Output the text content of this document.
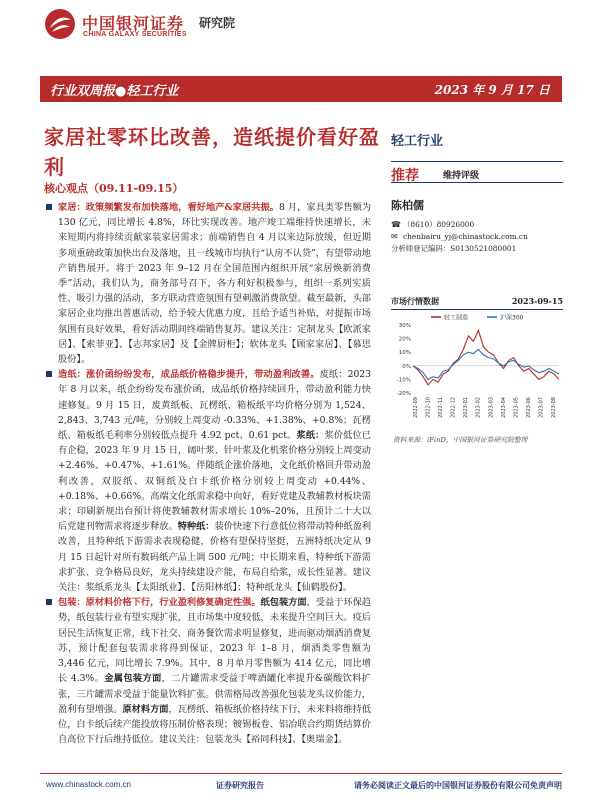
中国银河证券
CHINA GALAXY SECURITIES
研究院
行业双周报●轻工行业	2023 年 9 月 17 日
家居社零环比改善，造纸提价看好盈利
核心观点（09.11-09.15）

家居：政策频繁发布加快落地，看好地产&家居共振。8 月，家具类零售额为 130 亿元，同比增长 4.8%，环比实现改善。地产竣工端维持快速增长，未来短期内将持续贡献家装家居需求；前端销售自 4 月以来边际放缓，但近期多项重磅政策加快出台及落地，且一线城市均执行“认房不认贷”，有望带动地产销售展开。将于 2023 年 9–12 月在全国范围内组织开展“家居焕新消费季”活动，我们认为，商务部号召下，各方利好积极参与，组织一系列实质性、吸引力强的活动，多方联动营造氛围有望刺激消费欲望。截至最新，头部家居企业均推出普惠活动，给予较大优惠力度，且给予适当补贴，对提振市场氛围有良好效果，看好活动期间终端销售复苏。建议关注：定制龙头【欧派家居】、【索菲亚】、【志邦家居】及【金牌厨柜】；软体龙头【顾家家居】、【慕思股份】。

造纸：涨价函纷纷发布，成品纸价格稳步提升，带动盈利改善。废纸：2023 年 8 月以来，纸企纷纷发布涨价函，成品纸价格持续回升，带动盈利能力快速修复。9 月 15 日，废黄纸板、瓦楞纸、箱板纸平均价格分别为 1,524、2,843、3,743 元/吨，分别较上周变动 -0.33%、+1.38%、+0.8%；瓦楞纸、箱板纸毛利率分别较低点提升 4.92 pct、0.61 pct。浆纸：浆价低位已有企稳，2023 年 9 月 15 日，阔叶浆、针叶浆及化机浆价格分别较上周变动 +2.46%、+0.47%、+1.61%。伴随纸企涨价落地，文化纸价格回升带动盈利改善，双胶纸、双铜纸及白卡纸价格分别较上周变动 +0.44%、+0.18%、+0.66%。高端文化纸需求稳中向好，看好党建及教辅教材板块需求；印刷新规出台预计将使教辅教材需求增长 10%–20%，且预计二十大以后党建刊物需求将逐步释放。特种纸：装价快速下行意低位将带动特种纸盈利改善，且特种纸下游需求表现稳健，价格有望保持坚挺，五洲特纸决定从 9 月 15 日起针对所有数码纸产品上调 500 元/吨；中长期来看，特种纸下游需求扩张、竞争格局良好，龙头持续建设产能，布局自给浆，成长性显著。建议关注：浆纸系龙头【太阳纸业】、【岳阳林纸】；特种纸龙头【仙鹤股份】。

包装：原材料价格下行，行业盈利修复确定性强。纸包装方面，受益于环保趋势，纸包装行业有望实现扩张，且市场集中度较低，未来提升空间巨大。疫后居民生活恢复正常，线下社交、商务餐饮需求明显修复，进而驱动烟酒消费复苏，预计配套包装需求将得到保证，2023 年 1–8 月，烟酒类零售额为 3,446 亿元，同比增长 7.9%。其中，8 月单月零售额为 414 亿元，同比增长 4.3%。金属包装方面，二片罐需求受益于啤酒罐化率提升&碳酸饮料扩张，三片罐需求受益于能量饮料扩张。供需格局改善强化包装龙头议价能力，盈利有望增强。原材料方面，瓦楞纸、箱板纸价格持续下行，未来料将维持低位，白卡纸后续产能投放将压制价格表现；镀锡板卷、铝冶联合约期货结算价自高位下行后维持低位。建议关注：包装龙头【裕同科技】、【奥瑞金】。

轻工行业
推荐	维持评级
陈柏儒
☎ （8610）80926000
✉ chenbairu_yj@chinastock.com.cn
分析师登记编码：S0130521080001
市场行情数据	2023-09-15
轻工制造	沪深300
30%
20%
10%
0%
-10%
-20%
2022-09 2022-10 2022-11 2022-12 2023-01 2023-02 2023-03 2023-04 2023-05 2023-06 2023-07 2023-08
资料来源：iFinD，中国银河证券研究院整理
www.chinastock.com.cn	证券研究报告	请务必阅读正文最后的中国银河证券股份有限公司免责声明
